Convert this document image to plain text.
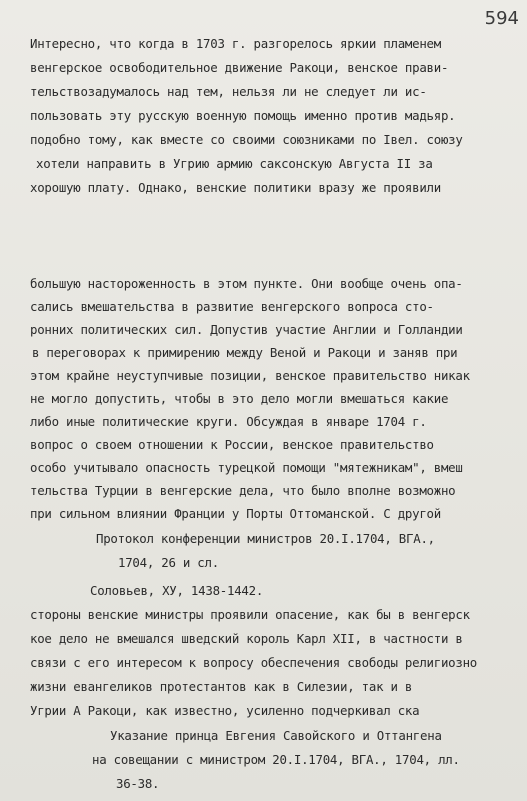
594
Интересно, что когда в 1703 г. разгорелось яркии пламенем
венгерское освободительное движение Ракоци, венское прави-
тельствозадумалось над тем, нельзя ли не следует ли ис-
пользовать эту русскую военную помощь именно против мадьяр.
подобно тому, как вместе со своими союзниками по Івел. союзу
хотели направить в Угрию армию саксонскую Августа ІІ за
хорошую плату. Однако, венские политики вразу же проявили
большую настороженность в этом пункте. Они вообще очень опа-
сались вмешательства в развитие венгерского вопроса сто-
ронних политических сил. Допустив участие Англии и Голландии
в переговорах к примирению между Веной и Ракоци и заняв при
этом крайне неуступчивые позиции, венское правительство никак
не могло допустить, чтобы в это дело могли вмешаться какие
либо иные политические круги. Обсуждая в январе 1704 г.
вопрос о своем отношении к России, венское правительство
особо учитывало опасность турецкой помощи "мятежникам", вмеш
тельства Турции в венгерские дела, что было вполне возможно
при сильном влиянии Франции у Порты Оттоманской. С другой
Протокол конференции министров 20.I.1704, ВГА.,
1704, 26 и сл.
Соловьев, ХУ, 1438-1442.
стороны венские министры проявили опасение, как бы в венгерск
кое дело не вмешался шведский король Карл ХІІ, в частности в
связи с его интересом к вопросу обеспечения свободы религиозно
жизни евангеликов протестантов как в Силезии, так и в
Угрии А Ракоци, как известно, усиленно подчеркивал ска
Указание принца Евгения Савойского и Оттангена
на совещании с министром 20.I.1704, ВГА., 1704, лл.
36-38.
